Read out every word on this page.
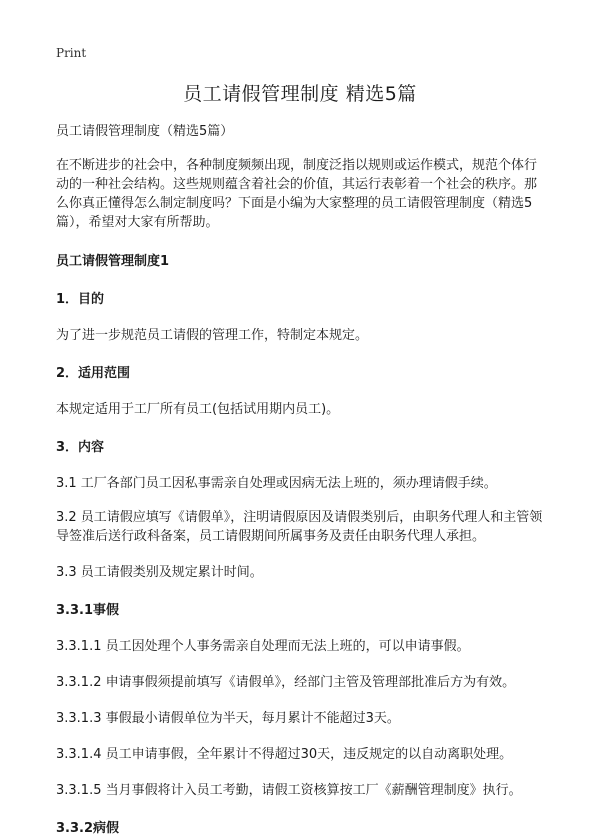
Print

员工请假管理制度 精选5篇

员工请假管理制度（精选5篇）

在不断进步的社会中，各种制度频频出现，制度泛指以规则或运作模式，规范个体行动的一种社会结构。这些规则蕴含着社会的价值，其运行表彰着一个社会的秩序。那么你真正懂得怎么制定制度吗？下面是小编为大家整理的员工请假管理制度（精选5篇），希望对大家有所帮助。

员工请假管理制度1

1．目的

为了进一步规范员工请假的管理工作，特制定本规定。

2．适用范围

本规定适用于工厂所有员工(包括试用期内员工)。

3．内容

3.1 工厂各部门员工因私事需亲自处理或因病无法上班的，须办理请假手续。

3.2 员工请假应填写《请假单》，注明请假原因及请假类别后，由职务代理人和主管领导签准后送行政科备案，员工请假期间所属事务及责任由职务代理人承担。

3.3 员工请假类别及规定累计时间。

3.3.1事假

3.3.1.1 员工因处理个人事务需亲自处理而无法上班的，可以申请事假。

3.3.1.2 申请事假须提前填写《请假单》，经部门主管及管理部批准后方为有效。

3.3.1.3 事假最小请假单位为半天，每月累计不能超过3天。

3.3.1.4 员工申请事假，全年累计不得超过30天，违反规定的以自动离职处理。

3.3.1.5 当月事假将计入员工考勤，请假工资核算按工厂《薪酬管理制度》执行。

3.3.2病假
